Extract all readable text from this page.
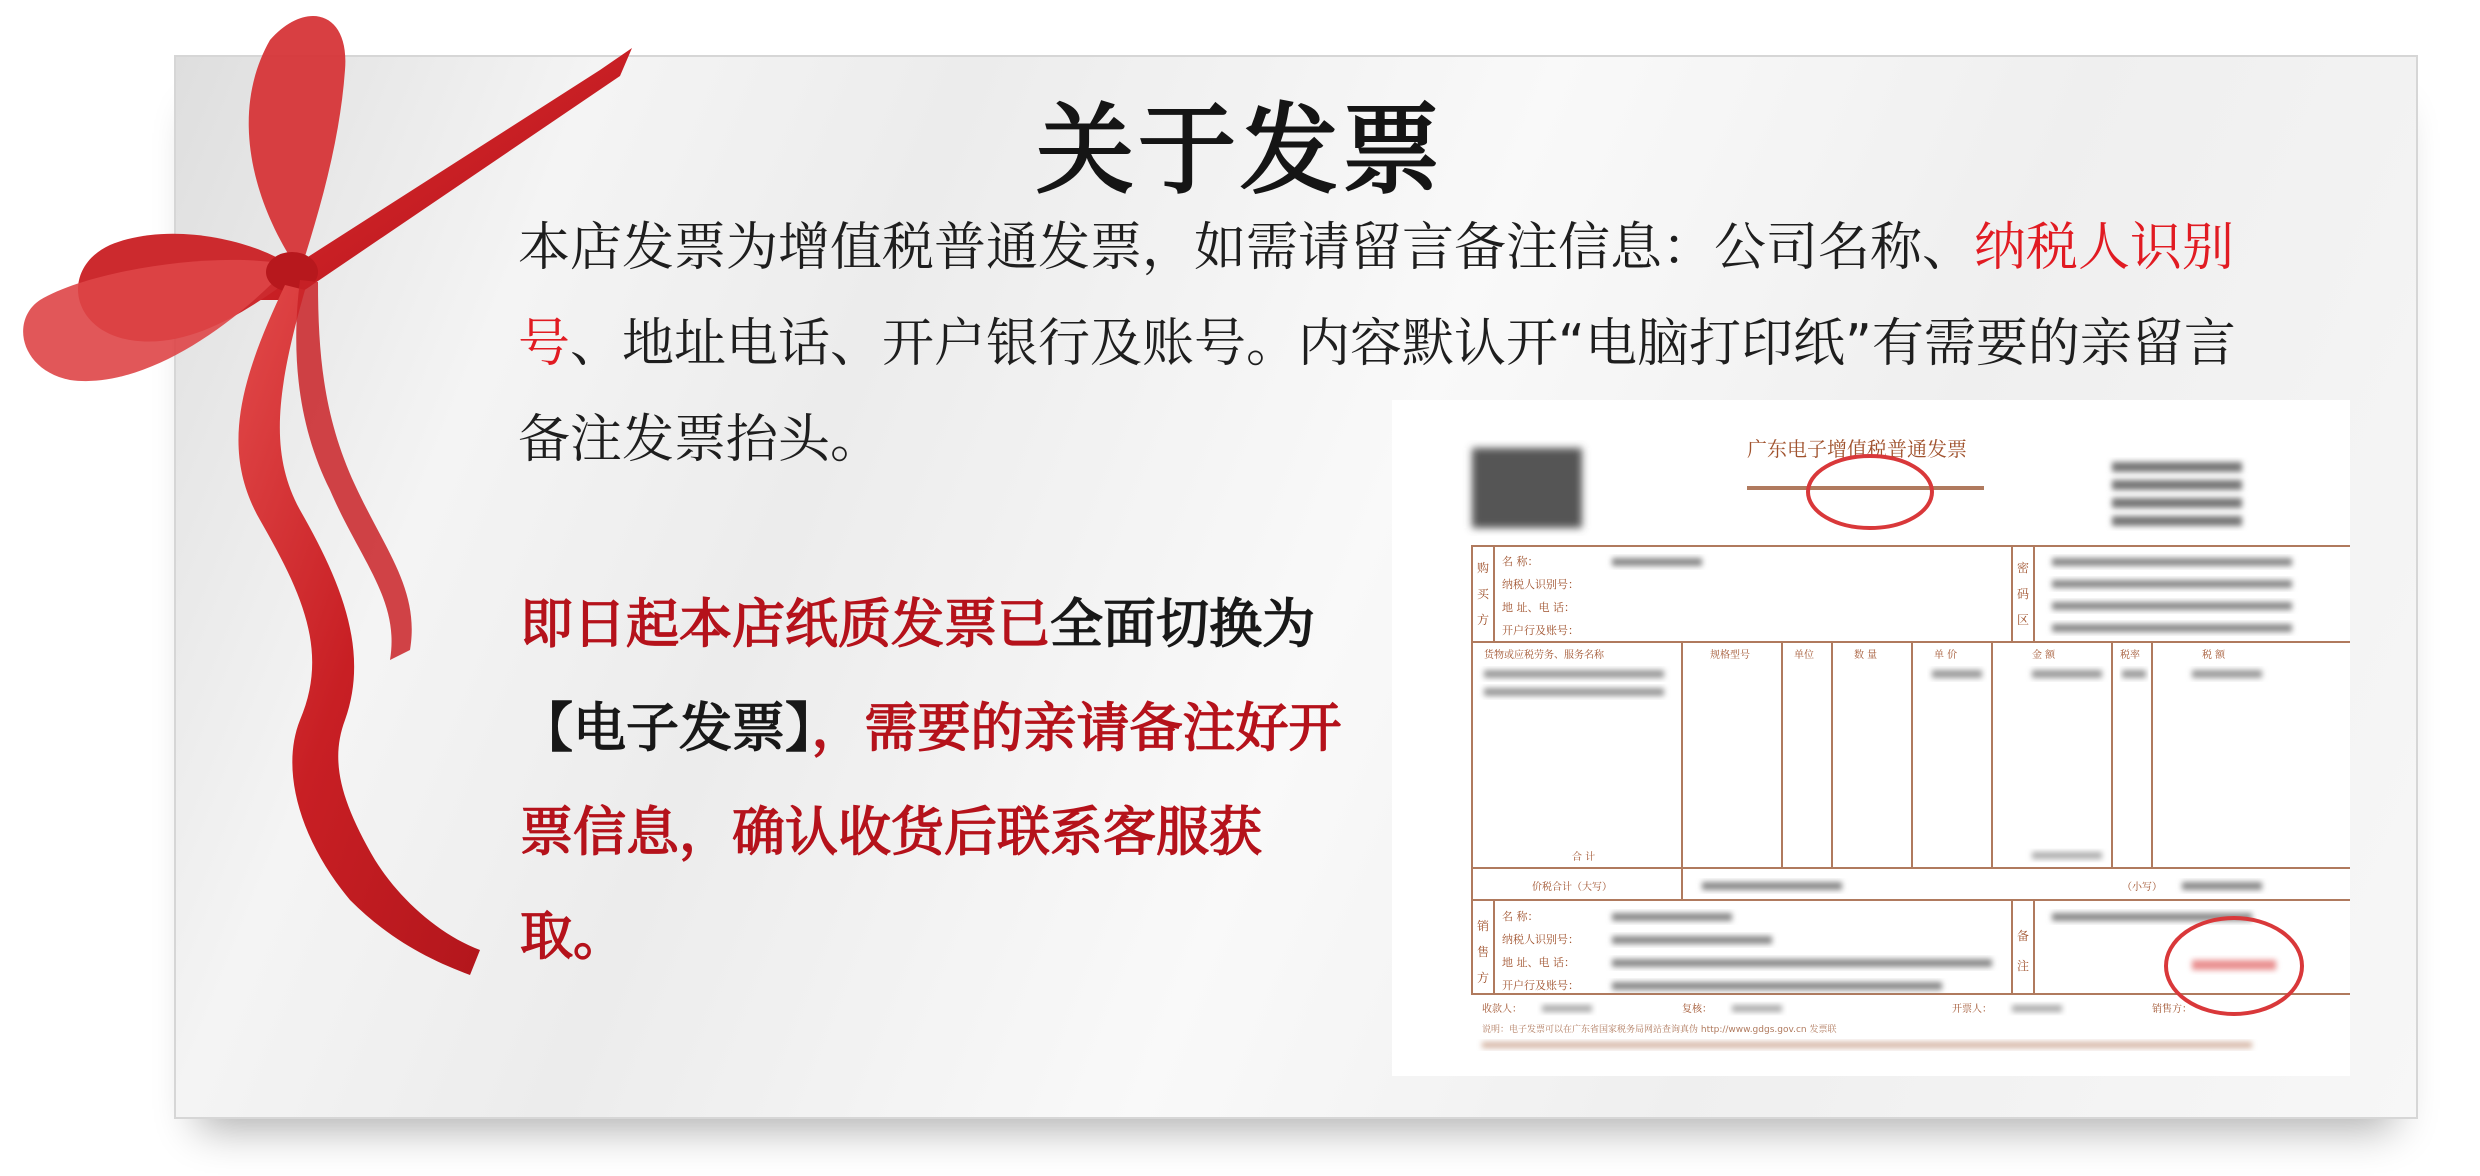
关于发票
本店发票为增值税普通发票，如需请留言备注信息：公司名称、纳税人识别号、地址电话、开户银行及账号。内容默认开“电脑打印纸”有需要的亲留言备注发票抬头。
即日起本店纸质发票已全面切换为【电子发票】，需要的亲请备注好开票信息，确认收货后联系客服获取。
广东电子增值税普通发票
购
买
方
密
码
区
销
售
方
备
注
名 称：
纳税人识别号：
地 址、电 话：
开户行及账号：
名 称：
纳税人识别号：
地 址、电 话：
开户行及账号：
货物或应税劳务、服务名称	规格型号	单位	数 量	单 价	金 额	税率	税 额
合 计
价税合计（大写）	（小写）
收款人：	复核：	开票人：	销售方：
说明：电子发票可以在广东省国家税务局网站查询真伪 http://www.gdgs.gov.cn 发票联
